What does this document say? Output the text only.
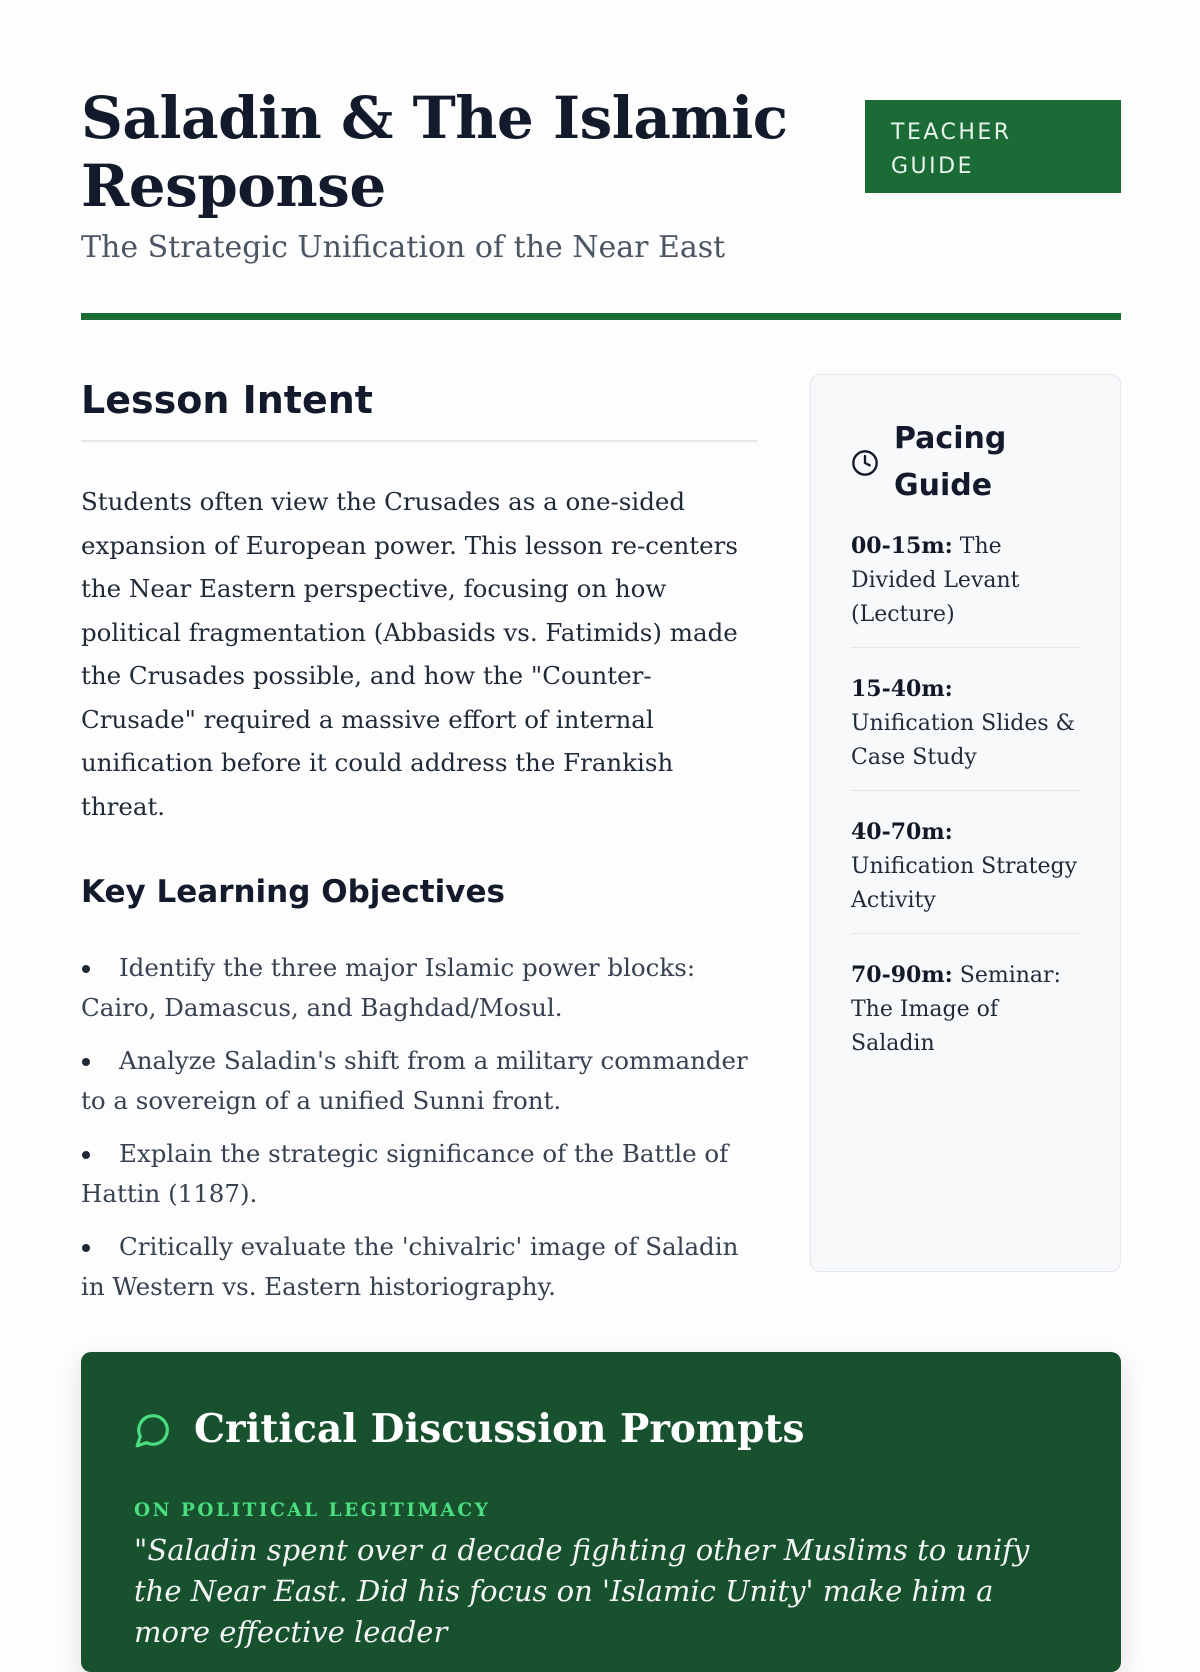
Saladin & The Islamic Response

The Strategic Unification of the Near East

TEACHER GUIDE
Lesson Intent

Students often view the Crusades as a one-sided expansion of European power. This lesson re-centers the Near Eastern perspective, focusing on how political fragmentation (Abbasids vs. Fatimids) made the Crusades possible, and how the "Counter-Crusade" required a massive effort of internal unification before it could address the Frankish threat.

Key Learning Objectives
Identify the three major Islamic power blocks: Cairo, Damascus, and Baghdad/Mosul.
Analyze Saladin's shift from a military commander to a sovereign of a unified Sunni front.
Explain the strategic significance of the Battle of Hattin (1187).
Critically evaluate the 'chivalric' image of Saladin in Western vs. Eastern historiography.
Pacing Guide
00-15m: The Divided Levant (Lecture)
15-40m: Unification Slides & Case Study
40-70m: Unification Strategy Activity
70-90m: Seminar: The Image of Saladin
Critical Discussion Prompts

ON POLITICAL LEGITIMACY

"Saladin spent over a decade fighting other Muslims to unify the Near East. Did his focus on 'Islamic Unity' make him a more effective leader
